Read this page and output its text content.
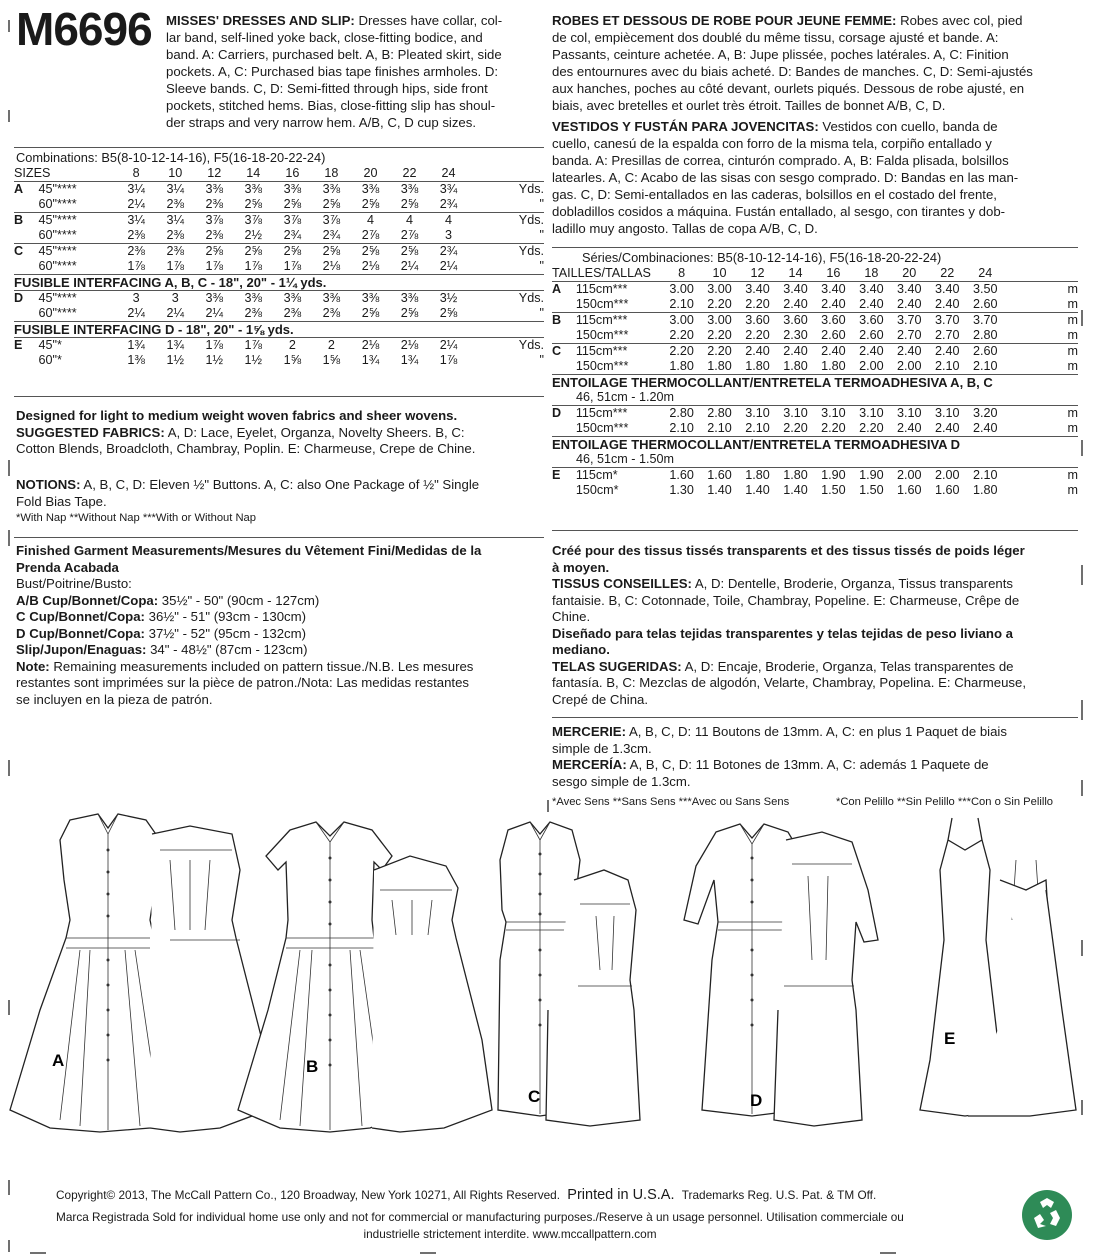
M6696 MISSES' DRESSES AND SLIP: Dresses have collar, col-
lar band, self-lined yoke back, close-fitting bodice, and
band. A: Carriers, purchased belt. A, B: Pleated skirt, side
pockets. A, C: Purchased bias tape finishes armholes. D:
Sleeve bands. C, D: Semi-fitted through hips, side front
pockets, stitched hems. Bias, close-fitting slip has shoul-
der straps and very narrow hem. A/B, C, D cup sizes.
ROBES ET DESSOUS DE ROBE POUR JEUNE FEMME: Robes avec col, pied
de col, empiècement dos doublé du même tissu, corsage ajusté et bande. A:
Passants, ceinture achetée. A, B: Jupe plissée, poches latérales. A, C: Finition
des entournures avec du biais acheté. D: Bandes de manches. C, D: Semi-ajustés
aux hanches, poches au côté devant, ourlets piqués. Dessous de robe ajusté, en
biais, avec bretelles et ourlet très étroit. Tailles de bonnet A/B, C, D.
VESTIDOS Y FUSTÁN PARA JOVENCITAS: Vestidos con cuello, banda de
cuello, canesú de la espalda con forro de la misma tela, corpiño entallado y
banda. A: Presillas de correa, cinturón comprado. A, B: Falda plisada, bolsillos
latearles. A, C: Acabo de las sisas con sesgo comprado. D: Bandas en las man-
gas. C, D: Semi-entallados en las caderas, bolsillos en el costado del frente,
dobladillos cosidos a máquina. Fustán entallado, al sesgo, con tirantes y dob-
ladillo muy angosto. Tallas de copa A/B, C, D.
Combinations: B5(8-10-12-14-16), F5(16-18-20-22-24)
SIZES		8	10	12	14	16	18	20	22	24	
A	45"****	3¼	3¼	3⅜	3⅜	3⅜	3⅜	3⅜	3⅜	3¾	Yds.
	60"****	2¼	2⅜	2⅜	2⅝	2⅝	2⅝	2⅝	2⅝	2¾	"
B	45"****	3¼	3¼	3⅞	3⅞	3⅞	3⅞	4	4	4	Yds.
	60"****	2⅜	2⅜	2⅜	2½	2¾	2¾	2⅞	2⅞	3	"
C	45"****	2⅜	2⅜	2⅝	2⅝	2⅝	2⅝	2⅝	2⅝	2¾	Yds.
	60"****	1⅞	1⅞	1⅞	1⅞	1⅞	2⅛	2⅛	2¼	2¼	"
FUSIBLE INTERFACING A, B, C - 18", 20" - 1¼ yds.											
D	45"****	3	3	3⅜	3⅜	3⅜	3⅜	3⅜	3⅜	3½	Yds.
	60"****	2¼	2¼	2¼	2⅜	2⅜	2⅜	2⅝	2⅝	2⅝	"
FUSIBLE INTERFACING D - 18", 20" - 1⅝ yds.											
E	45"*	1¾	1¾	1⅞	1⅞	2	2	2⅛	2⅛	2¼	Yds.
	60"*	1⅜	1½	1½	1½	1⅝	1⅝	1¾	1¾	1⅞	"
Séries/Combinaciones: B5(8-10-12-14-16), F5(16-18-20-22-24)
TAILLES/TALLAS		8	10	12	14	16	18	20	22	24	
A	115cm***	3.00	3.00	3.40	3.40	3.40	3.40	3.40	3.40	3.50	m
	150cm***	2.10	2.20	2.20	2.40	2.40	2.40	2.40	2.40	2.60	m
B	115cm***	3.00	3.00	3.60	3.60	3.60	3.60	3.70	3.70	3.70	m
	150cm***	2.20	2.20	2.20	2.30	2.60	2.60	2.70	2.70	2.80	m
C	115cm***	2.20	2.20	2.40	2.40	2.40	2.40	2.40	2.40	2.60	m
	150cm***	1.80	1.80	1.80	1.80	1.80	2.00	2.00	2.10	2.10	m
ENTOILAGE THERMOCOLLANT/ENTRETELA TERMOADHESIVA A, B, C											
46, 51cm - 1.20m											
D	115cm***	2.80	2.80	3.10	3.10	3.10	3.10	3.10	3.10	3.20	m
	150cm***	2.10	2.10	2.10	2.20	2.20	2.20	2.40	2.40	2.40	m
ENTOILAGE THERMOCOLLANT/ENTRETELA TERMOADHESIVA D											
46, 51cm - 1.50m											
E	115cm*	1.60	1.60	1.80	1.80	1.90	1.90	2.00	2.00	2.10	m
	150cm*	1.30	1.40	1.40	1.40	1.50	1.50	1.60	1.60	1.80	m
Designed for light to medium weight woven fabrics and sheer wovens.
SUGGESTED FABRICS: A, D: Lace, Eyelet, Organza, Novelty Sheers. B, C:
Cotton Blends, Broadcloth, Chambray, Poplin. E: Charmeuse, Crepe de Chine.
NOTIONS: A, B, C, D: Eleven ½" Buttons. A, C: also One Package of ½" Single
Fold Bias Tape.
*With Nap **Without Nap ***With or Without Nap
Finished Garment Measurements/Mesures du Vêtement Fini/Medidas de la
Prenda Acabada
Bust/Poitrine/Busto:
A/B Cup/Bonnet/Copa: 35½" - 50" (90cm - 127cm)
C Cup/Bonnet/Copa: 36½" - 51" (93cm - 130cm)
D Cup/Bonnet/Copa: 37½" - 52" (95cm - 132cm)
Slip/Jupon/Enaguas: 34" - 48½" (87cm - 123cm)
Note: Remaining measurements included on pattern tissue./N.B. Les mesures
restantes sont imprimées sur la pièce de patron./Nota: Las medidas restantes
se incluyen en la pieza de patrón.
Créé pour des tissus tissés transparents et des tissus tissés de poids léger
à moyen.
TISSUS CONSEILLES: A, D: Dentelle, Broderie, Organza, Tissus transparents
fantaisie. B, C: Cotonnade, Toile, Chambray, Popeline. E: Charmeuse, Crêpe de
Chine.
Diseñado para telas tejidas transparentes y telas tejidas de peso liviano a
mediano.
TELAS SUGERIDAS: A, D: Encaje, Broderie, Organza, Telas transparentes de
fantasía. B, C: Mezclas de algodón, Velarte, Chambray, Popelina. E: Charmeuse,
Crepé de China.
MERCERIE: A, B, C, D: 11 Boutons de 13mm. A, C: en plus 1 Paquet de biais
simple de 1.3cm.
MERCERÍA: A, B, C, D: 11 Botones de 13mm. A, C: además 1 Paquete de
sesgo simple de 1.3cm.
*Avec Sens **Sans Sens ***Avec ou Sans Sens	*Con Pelillo **Sin Pelillo ***Con o Sin Pelillo
A	B
C	D
E
Copyright© 2013, The McCall Pattern Co., 120 Broadway, New York 10271, All Rights Reserved. Printed in U.S.A. Trademarks Reg. U.S. Pat. & TM Off.
Marca Registrada Sold for individual home use only and not for commercial or manufacturing purposes./Reserve à un usage personnel. Utilisation commerciale ou
industrielle strictement interdite. www.mccallpattern.com
